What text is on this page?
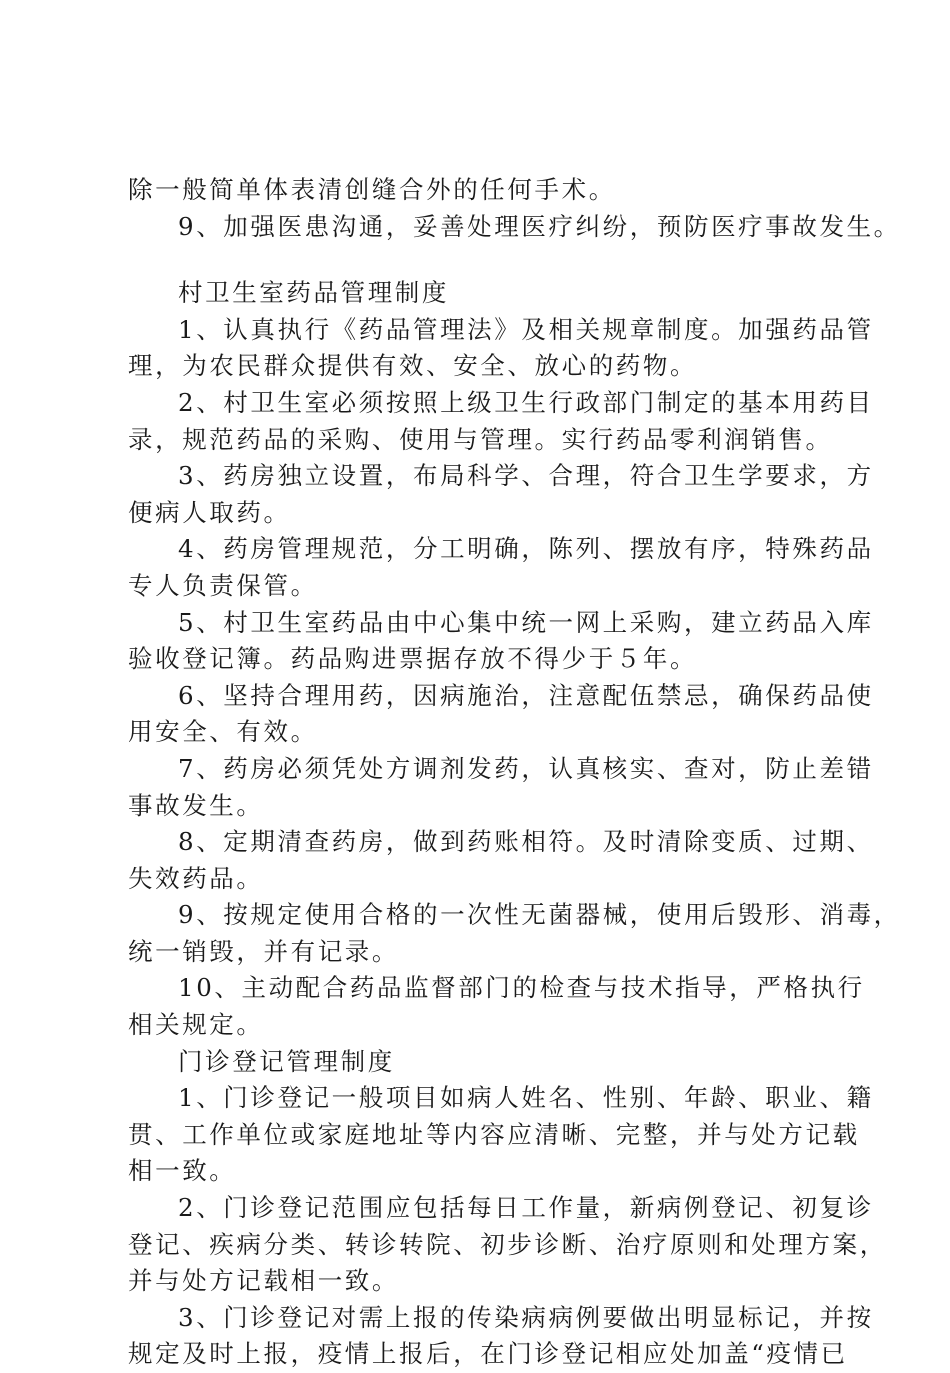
除一般简单体表清创缝合外的任何手术。
9、加强医患沟通，妥善处理医疗纠纷，预防医疗事故发生。
村卫生室药品管理制度
1、认真执行《药品管理法》及相关规章制度。加强药品管
理，为农民群众提供有效、安全、放心的药物。
2、村卫生室必须按照上级卫生行政部门制定的基本用药目
录，规范药品的采购、使用与管理。实行药品零利润销售。
3、药房独立设置，布局科学、合理，符合卫生学要求，方
便病人取药。
4、药房管理规范，分工明确，陈列、摆放有序，特殊药品
专人负责保管。
5、村卫生室药品由中心集中统一网上采购，建立药品入库
验收登记簿。药品购进票据存放不得少于５年。
6、坚持合理用药，因病施治，注意配伍禁忌，确保药品使
用安全、有效。
7、药房必须凭处方调剂发药，认真核实、查对，防止差错
事故发生。
8、定期清查药房，做到药账相符。及时清除变质、过期、
失效药品。
9、按规定使用合格的一次性无菌器械，使用后毁形、消毒，
统一销毁，并有记录。
10、主动配合药品监督部门的检查与技术指导，严格执行
相关规定。
门诊登记管理制度
1、门诊登记一般项目如病人姓名、性别、年龄、职业、籍
贯、工作单位或家庭地址等内容应清晰、完整，并与处方记载
相一致。
2、门诊登记范围应包括每日工作量，新病例登记、初复诊
登记、疾病分类、转诊转院、初步诊断、治疗原则和处理方案，
并与处方记载相一致。
3、门诊登记对需上报的传染病病例要做出明显标记，并按
规定及时上报，疫情上报后，在门诊登记相应处加盖“疫情已
